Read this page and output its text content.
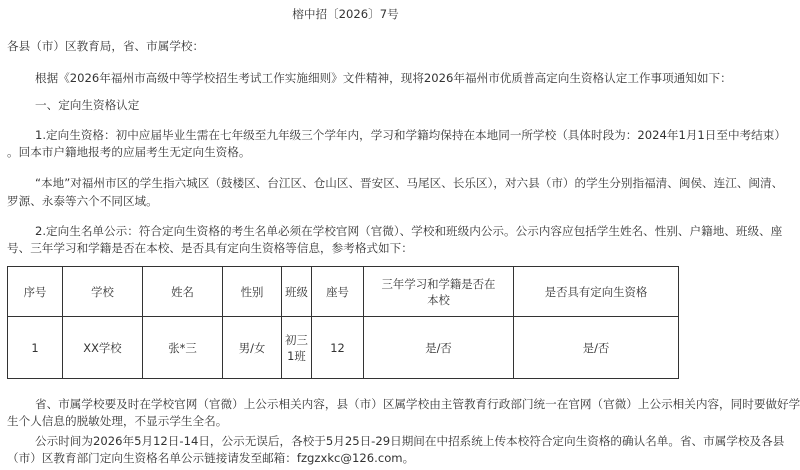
榕中招〔2026〕7号
各县（市）区教育局，省、市属学校：
根据《2026年福州市高级中等学校招生考试工作实施细则》文件精神，现将2026年福州市优质普高定向生资格认定工作事项通知如下：
一、定向生资格认定
1.定向生资格：初中应届毕业生需在七年级至九年级三个学年内，学习和学籍均保持在本地同一所学校（具体时段为：2024年1月1日至中考结束）
。回本市户籍地报考的应届考生无定向生资格。
“本地”对福州市区的学生指六城区（鼓楼区、台江区、仓山区、晋安区、马尾区、长乐区），对六县（市）的学生分别指福清、闽侯、连江、闽清、
罗源、永泰等六个不同区域。
2.定向生名单公示：符合定向生资格的考生名单必须在学校官网（官微）、学校和班级内公示。公示内容应包括学生姓名、性别、户籍地、班级、座
号、三年学习和学籍是否在本校、是否具有定向生资格等信息，参考格式如下：
序号	学校	姓名	性别	班级	座号	三年学习和学籍是否在本校	是否具有定向生资格
1	XX学校	张*三	男/女	初三1班	12	是/否	是/否
省、市属学校要及时在学校官网（官微）上公示相关内容，县（市）区属学校由主管教育行政部门统一在官网（官微）上公示相关内容，同时要做好学
生个人信息的脱敏处理，不显示学生全名。
公示时间为2026年5月12日-14日，公示无误后，各校于5月25日-29日期间在中招系统上传本校符合定向生资格的确认名单。省、市属学校及各县
（市）区教育部门定向生资格名单公示链接请发至邮箱：fzgzxkc@126.com。
